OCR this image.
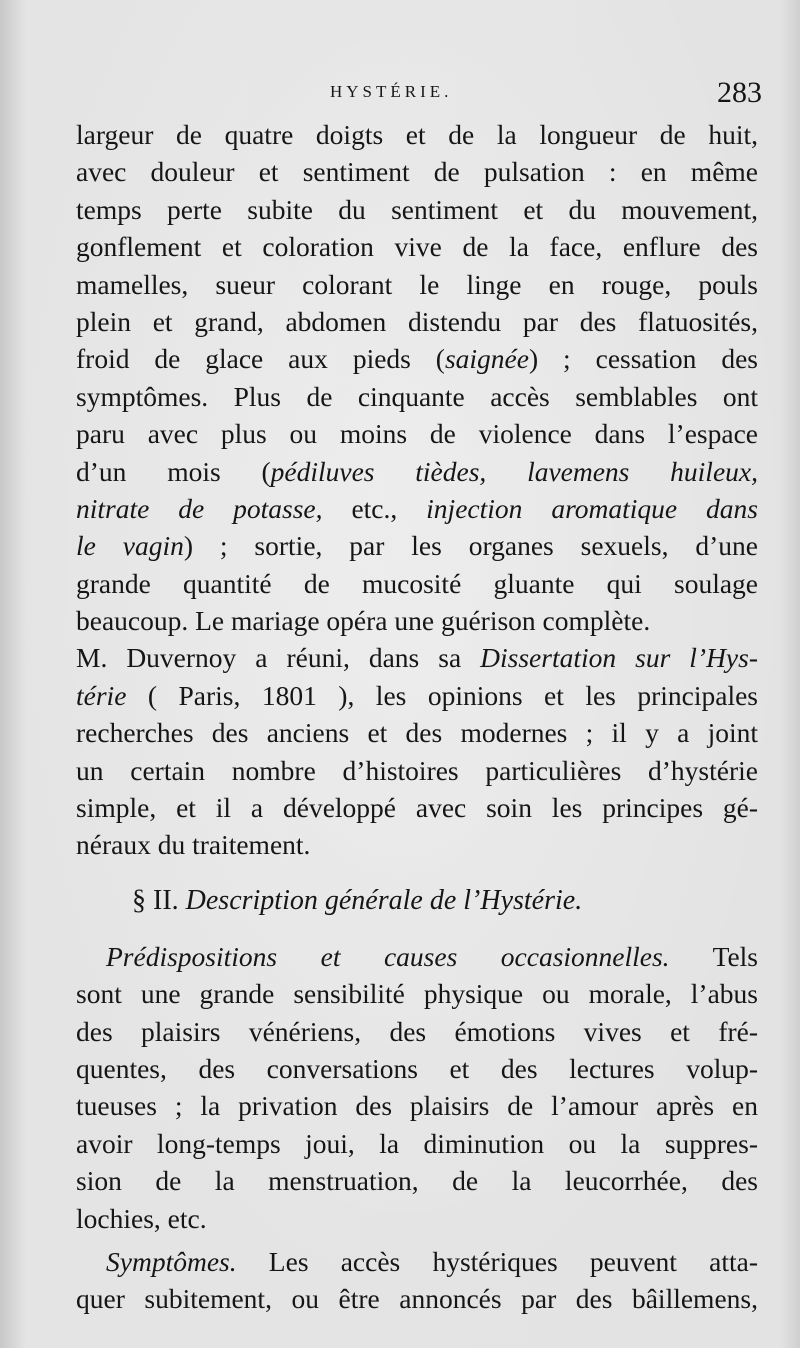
HYSTÉRIE.	283
largeur de quatre doigts et de la longueur de huit,
avec douleur et sentiment de pulsation : en même
temps perte subite du sentiment et du mouvement,
gonflement et coloration vive de la face, enflure des
mamelles, sueur colorant le linge en rouge, pouls
plein et grand, abdomen distendu par des flatuosités,
froid de glace aux pieds (saignée) ; cessation des
symptômes. Plus de cinquante accès semblables ont
paru avec plus ou moins de violence dans l’espace
d’un mois (pédiluves tièdes, lavemens huileux,
nitrate de potasse, etc., injection aromatique dans
le vagin) ; sortie, par les organes sexuels, d’une
grande quantité de mucosité gluante qui soulage
beaucoup. Le mariage opéra une guérison complète.
M. Duvernoy a réuni, dans sa Dissertation sur l’Hys-
térie ( Paris, 1801 ), les opinions et les principales
recherches des anciens et des modernes ; il y a joint
un certain nombre d’histoires particulières d’hystérie
simple, et il a développé avec soin les principes gé-
néraux du traitement.
§ II. Description générale de l’Hystérie.
Prédispositions et causes occasionnelles. Tels
sont une grande sensibilité physique ou morale, l’abus
des plaisirs vénériens, des émotions vives et fré-
quentes, des conversations et des lectures volup-
tueuses ; la privation des plaisirs de l’amour après en
avoir long-temps joui, la diminution ou la suppres-
sion de la menstruation, de la leucorrhée, des
lochies, etc.
Symptômes. Les accès hystériques peuvent atta-
quer subitement, ou être annoncés par des bâillemens,
